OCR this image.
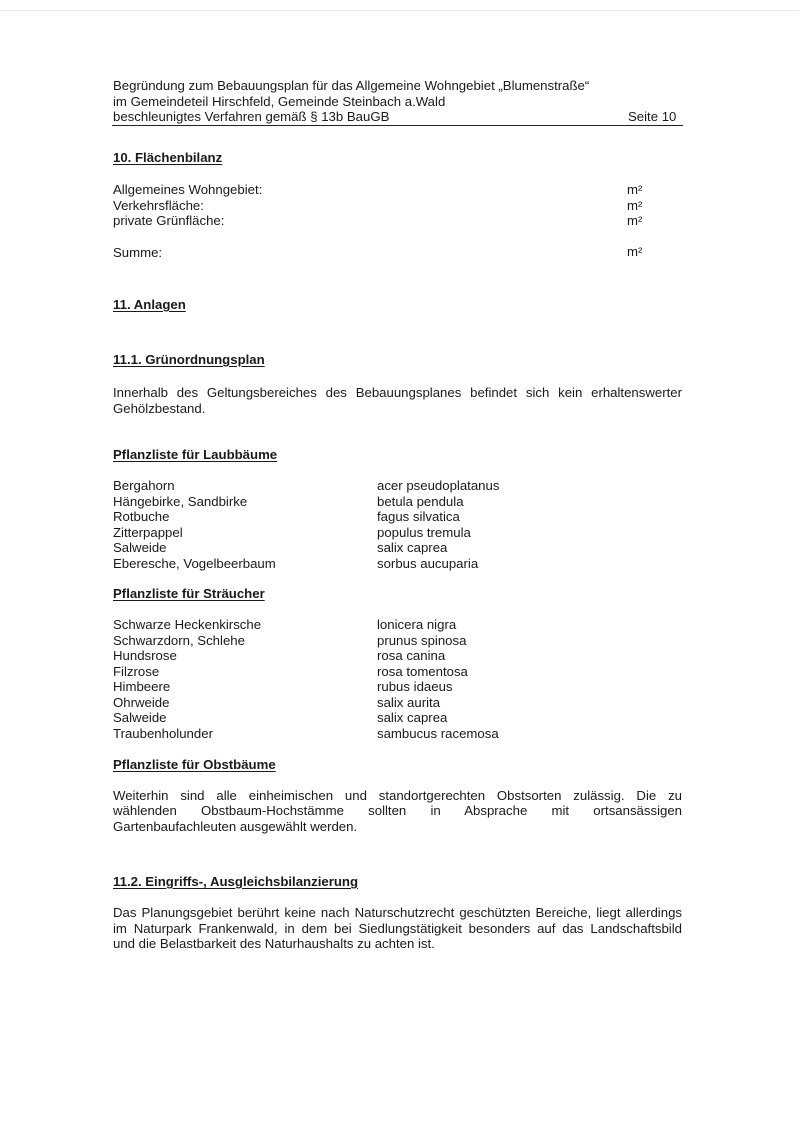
Begründung zum Bebauungsplan für das Allgemeine Wohngebiet „Blumenstraße“
im Gemeindeteil Hirschfeld, Gemeinde Steinbach a.Wald
beschleunigtes Verfahren gemäß § 13b BauGB	Seite 10
10. Flächenbilanz
Allgemeines Wohngebiet:	m²
Verkehrsfläche:	m²
private Grünfläche:	m²
Summe:	m²
11. Anlagen
11.1. Grünordnungsplan
Innerhalb des Geltungsbereiches des Bebauungsplanes befindet sich kein erhaltenswerter
Gehölzbestand.
Pflanzliste für Laubbäume
Bergahorn	acer pseudoplatanus
Hängebirke, Sandbirke	betula pendula
Rotbuche	fagus silvatica
Zitterpappel	populus tremula
Salweide	salix caprea
Eberesche, Vogelbeerbaum	sorbus aucuparia
Pflanzliste für Sträucher
Schwarze Heckenkirsche	lonicera nigra
Schwarzdorn, Schlehe	prunus spinosa
Hundsrose	rosa canina
Filzrose	rosa tomentosa
Himbeere	rubus idaeus
Ohrweide	salix aurita
Salweide	salix caprea
Traubenholunder	sambucus racemosa
Pflanzliste für Obstbäume
Weiterhin sind alle einheimischen und standortgerechten Obstsorten zulässig. Die zu
wählenden Obstbaum-Hochstämme sollten in Absprache mit ortsansässigen
Gartenbaufachleuten ausgewählt werden.
11.2. Eingriffs-, Ausgleichsbilanzierung
Das Planungsgebiet berührt keine nach Naturschutzrecht geschützten Bereiche, liegt allerdings
im Naturpark Frankenwald, in dem bei Siedlungstätigkeit besonders auf das Landschaftsbild
und die Belastbarkeit des Naturhaushalts zu achten ist.
